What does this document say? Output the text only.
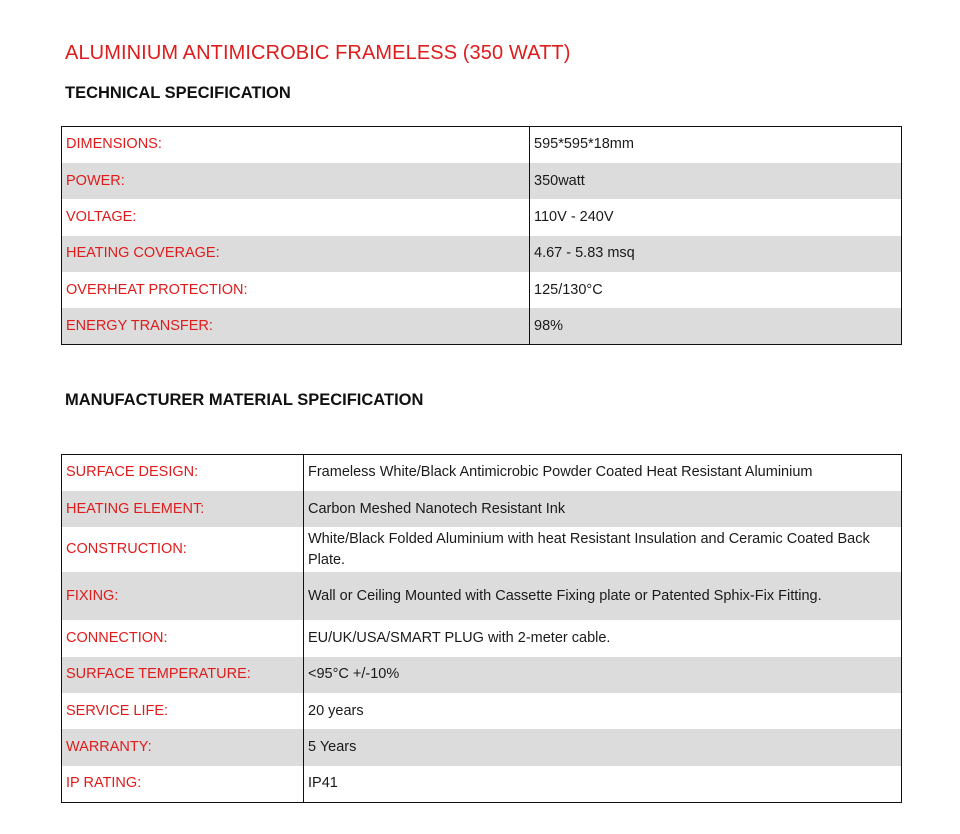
ALUMINIUM ANTIMICROBIC FRAMELESS (350 WATT)
TECHNICAL SPECIFICATION
DIMENSIONS:	595*595*18mm
POWER:	350watt
VOLTAGE:	110V - 240V
HEATING COVERAGE:	4.67 - 5.83 msq
OVERHEAT PROTECTION:	125/130°C
ENERGY TRANSFER:	98%
MANUFACTURER MATERIAL SPECIFICATION
SURFACE DESIGN:	Frameless White/Black Antimicrobic Powder Coated Heat Resistant Aluminium
HEATING ELEMENT:	Carbon Meshed Nanotech Resistant Ink
CONSTRUCTION:	White/Black Folded Aluminium with heat Resistant Insulation and Ceramic Coated Back Plate.
FIXING:	Wall or Ceiling Mounted with Cassette Fixing plate or Patented Sphix-Fix Fitting.
CONNECTION:	EU/UK/USA/SMART PLUG with 2-meter cable.
SURFACE TEMPERATURE:	<95°C +/-10%
SERVICE LIFE:	20 years
WARRANTY:	5 Years
IP RATING:	IP41
